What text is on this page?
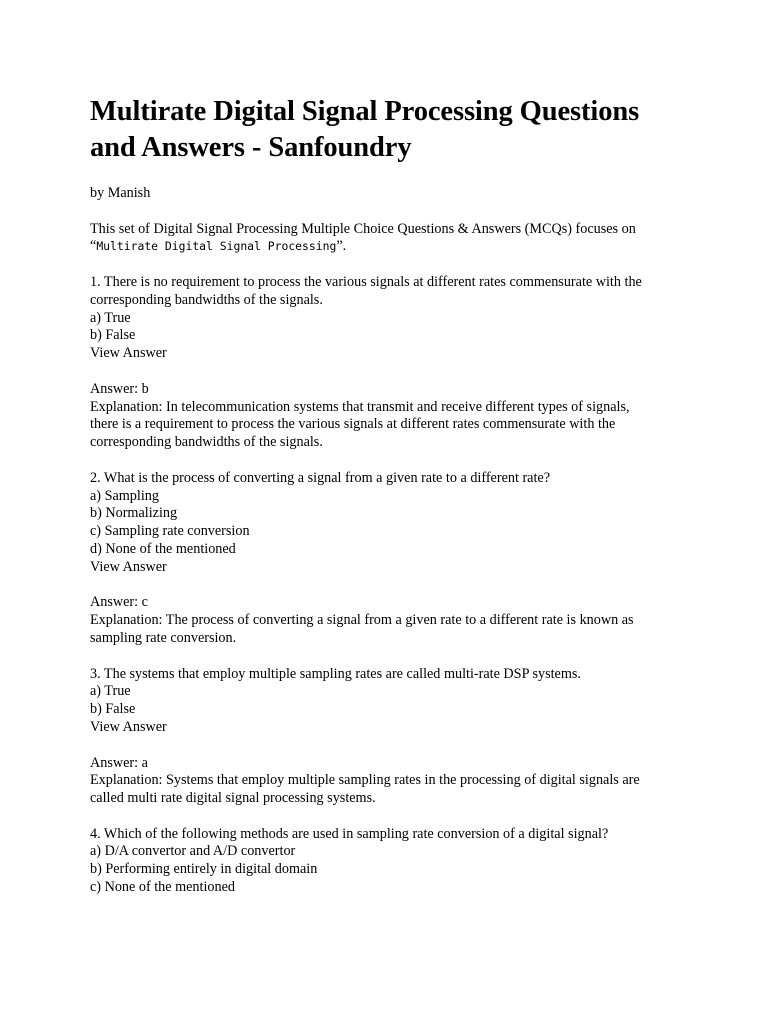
Multirate Digital Signal Processing Questions
and Answers - Sanfoundry
by Manish
This set of Digital Signal Processing Multiple Choice Questions & Answers (MCQs) focuses on
“Multirate Digital Signal Processing”.
1. There is no requirement to process the various signals at different rates commensurate with the
corresponding bandwidths of the signals.
a) True
b) False
View Answer
Answer: b
Explanation: In telecommunication systems that transmit and receive different types of signals,
there is a requirement to process the various signals at different rates commensurate with the
corresponding bandwidths of the signals.
2. What is the process of converting a signal from a given rate to a different rate?
a) Sampling
b) Normalizing
c) Sampling rate conversion
d) None of the mentioned
View Answer
Answer: c
Explanation: The process of converting a signal from a given rate to a different rate is known as
sampling rate conversion.
3. The systems that employ multiple sampling rates are called multi-rate DSP systems.
a) True
b) False
View Answer
Answer: a
Explanation: Systems that employ multiple sampling rates in the processing of digital signals are
called multi rate digital signal processing systems.
4. Which of the following methods are used in sampling rate conversion of a digital signal?
a) D/A convertor and A/D convertor
b) Performing entirely in digital domain
c) None of the mentioned
